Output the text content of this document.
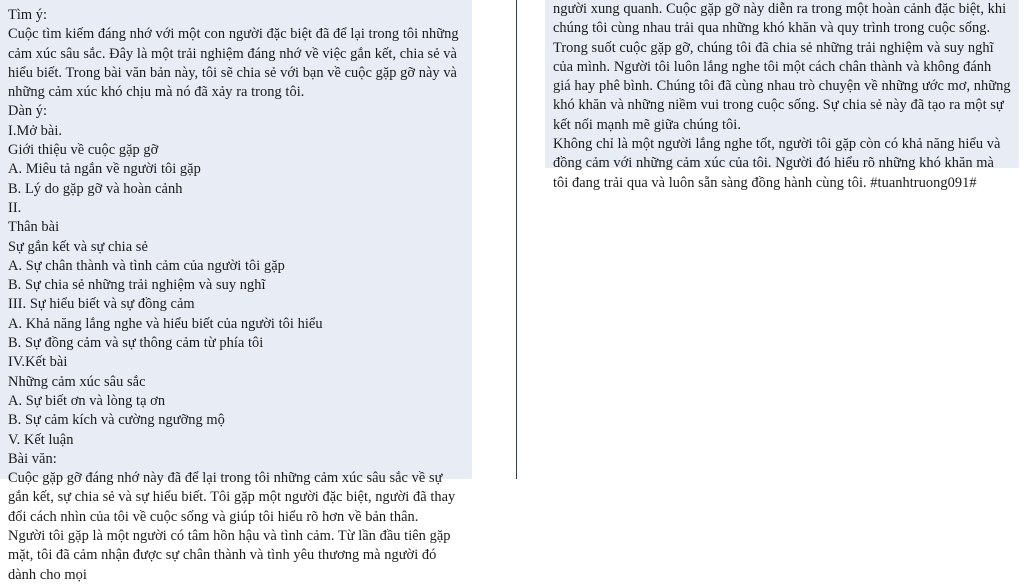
Tìm ý:
Cuộc tìm kiếm đáng nhớ với một con người đặc biệt đã để lại trong tôi những cảm xúc sâu sắc. Đây là một trải nghiệm đáng nhớ về việc gắn kết, chia sẻ và hiểu biết. Trong bài văn bản này, tôi sẽ chia sẻ với bạn về cuộc gặp gỡ này và những cảm xúc khó chịu mà nó đã xảy ra trong tôi.
Dàn ý:
I.Mở bài.
Giới thiệu về cuộc gặp gỡ
A. Miêu tả ngắn về người tôi gặp
B. Lý do gặp gỡ và hoàn cảnh
II.
Thân bài
Sự gắn kết và sự chia sẻ
A. Sự chân thành và tình cảm của người tôi gặp
B. Sự chia sẻ những trải nghiệm và suy nghĩ
III. Sự hiểu biết và sự đồng cảm
A. Khả năng lắng nghe và hiểu biết của người tôi hiểu
B. Sự đồng cảm và sự thông cảm từ phía tôi
IV.Kết bài
Những cảm xúc sâu sắc
A. Sự biết ơn và lòng tạ ơn
B. Sự cảm kích và cường ngưỡng mộ
V. Kết luận
Bài văn:
Cuộc gặp gỡ đáng nhớ này đã để lại trong tôi những cảm xúc sâu sắc về sự gắn kết, sự chia sẻ và sự hiểu biết. Tôi gặp một người đặc biệt, người đã thay đổi cách nhìn của tôi về cuộc sống và giúp tôi hiểu rõ hơn về bản thân.
Người tôi gặp là một người có tâm hồn hậu và tình cảm. Từ lần đầu tiên gặp mặt, tôi đã cảm nhận được sự chân thành và tình yêu thương mà người đó dành cho mọi
người xung quanh. Cuộc gặp gỡ này diễn ra trong một hoàn cảnh đặc biệt, khi chúng tôi cùng nhau trải qua những khó khăn và quy trình trong cuộc sống.
Trong suốt cuộc gặp gỡ, chúng tôi đã chia sẻ những trải nghiệm và suy nghĩ của mình. Người tôi luôn lắng nghe tôi một cách chân thành và không đánh giá hay phê bình. Chúng tôi đã cùng nhau trò chuyện về những ước mơ, những khó khăn và những niềm vui trong cuộc sống. Sự chia sẻ này đã tạo ra một sự kết nối mạnh mẽ giữa chúng tôi.
Không chỉ là một người lắng nghe tốt, người tôi gặp còn có khả năng hiểu và đồng cảm với những cảm xúc của tôi. Người đó hiểu rõ những khó khăn mà tôi đang trải qua và luôn sẵn sàng đồng hành cùng tôi. #tuanhtruong091#
